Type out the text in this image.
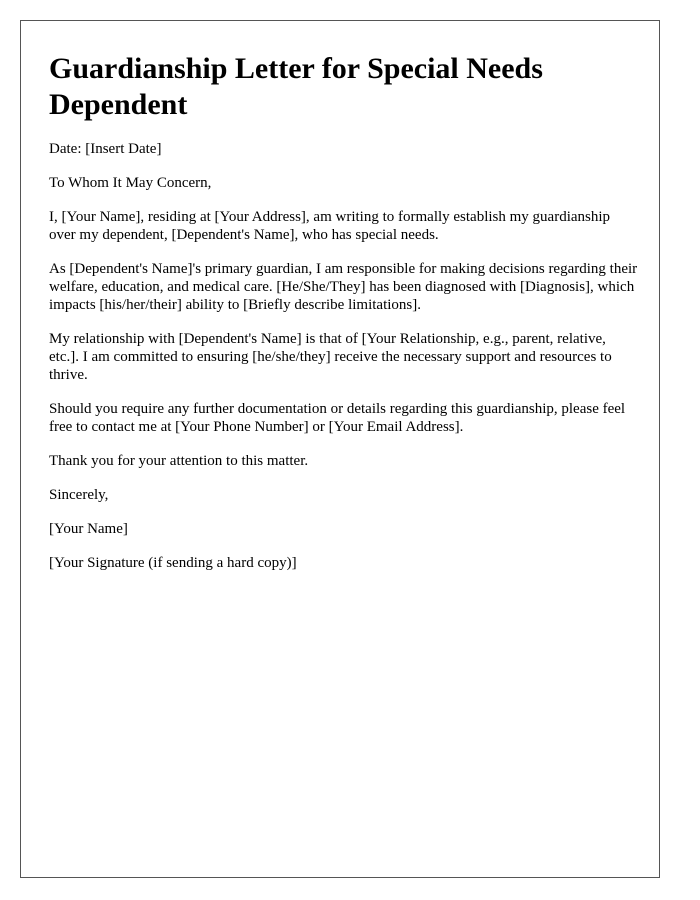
Guardianship Letter for Special Needs Dependent

Date: [Insert Date]

To Whom It May Concern,

I, [Your Name], residing at [Your Address], am writing to formally establish my guardianship over my dependent, [Dependent's Name], who has special needs.

As [Dependent's Name]'s primary guardian, I am responsible for making decisions regarding their welfare, education, and medical care. [He/She/They] has been diagnosed with [Diagnosis], which impacts [his/her/their] ability to [Briefly describe limitations].

My relationship with [Dependent's Name] is that of [Your Relationship, e.g., parent, relative, etc.]. I am committed to ensuring [he/she/they] receive the necessary support and resources to thrive.

Should you require any further documentation or details regarding this guardianship, please feel free to contact me at [Your Phone Number] or [Your Email Address].

Thank you for your attention to this matter.

Sincerely,

[Your Name]

[Your Signature (if sending a hard copy)]
